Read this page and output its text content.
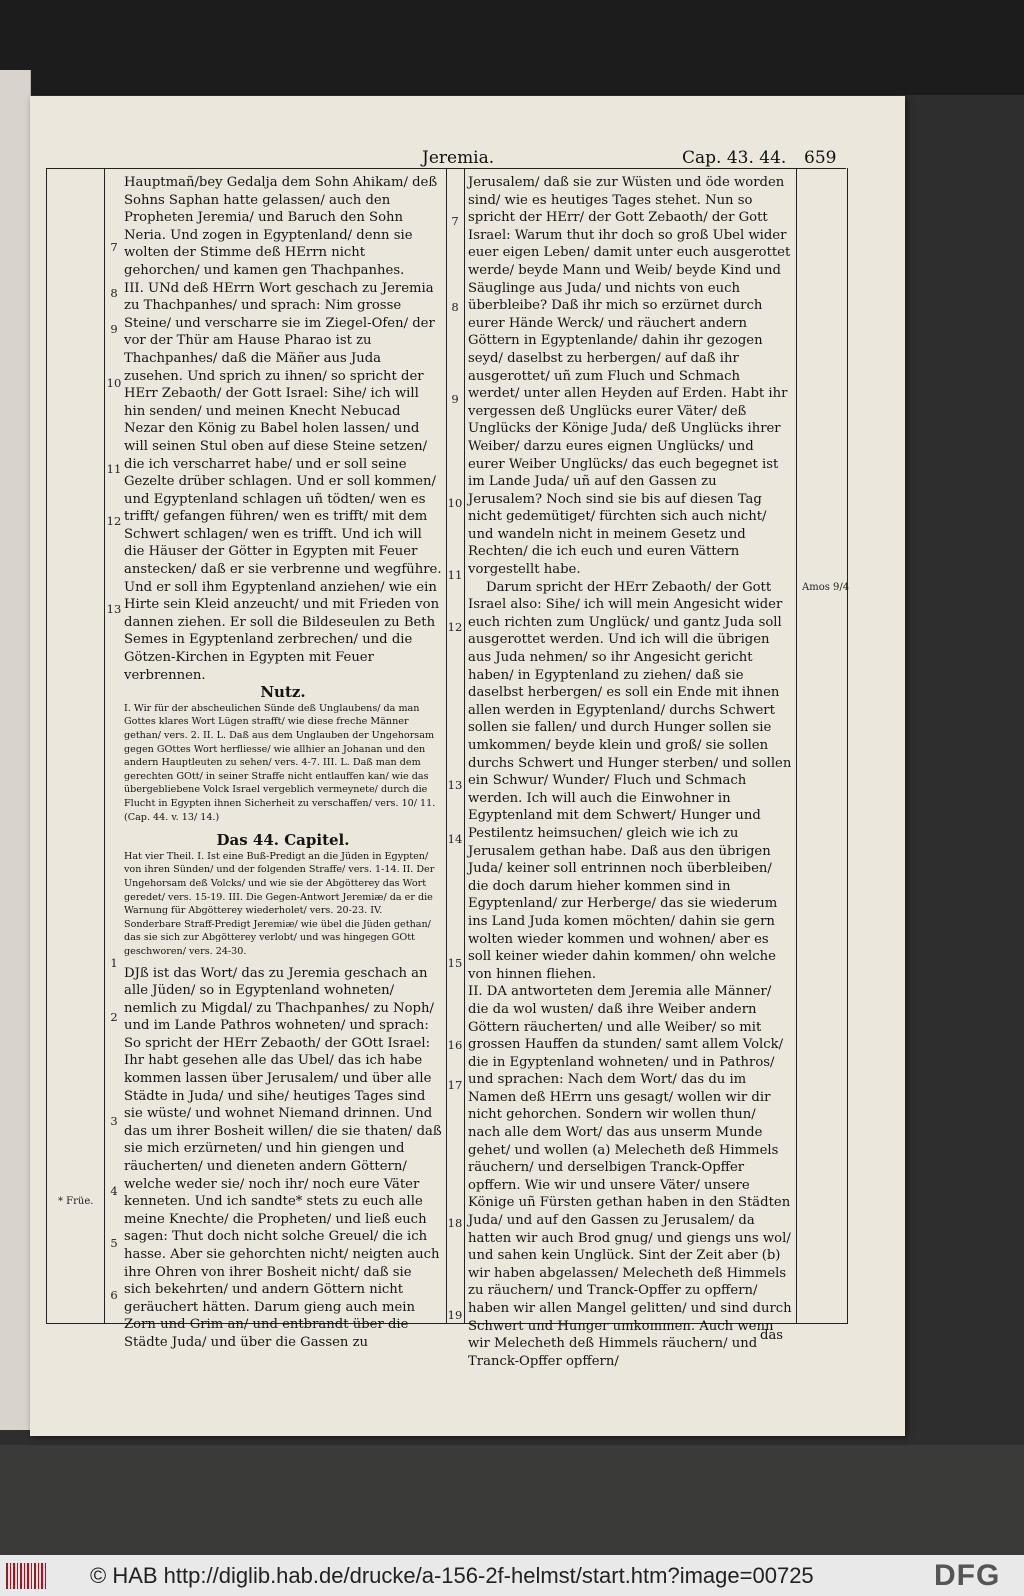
Jeremia.	Cap. 43. 44. 659

Hauptmañ/bey Gedalja dem Sohn Ahikam/ deß Sohns Saphan hatte gelassen/ auch den Propheten Jeremia/ und Baruch den Sohn Neria. Und zogen in Egyptenland/ denn sie wolten der Stimme deß HErrn nicht gehorchen/ und kamen gen Thachpanhes.

III. UNd deß HErrn Wort geschach zu Jeremia zu Thachpanhes/ und sprach: Nim grosse Steine/ und verscharre sie im Ziegel-Ofen/ der vor der Thür am Hause Pharao ist zu Thachpanhes/ daß die Mäñer aus Juda zusehen. Und sprich zu ihnen/ so spricht der HErr Zebaoth/ der Gott Israel: Sihe/ ich will hin senden/ und meinen Knecht Nebucad Nezar den König zu Babel holen lassen/ und will seinen Stul oben auf diese Steine setzen/ die ich verscharret habe/ und er soll seine Gezelte drüber schlagen. Und er soll kommen/ und Egyptenland schlagen uñ tödten/ wen es trifft/ gefangen führen/ wen es trifft/ mit dem Schwert schlagen/ wen es trifft. Und ich will die Häuser der Götter in Egypten mit Feuer anstecken/ daß er sie verbrenne und wegführe. Und er soll ihm Egyptenland anziehen/ wie ein Hirte sein Kleid anzeucht/ und mit Frieden von dannen ziehen. Er soll die Bildeseulen zu Beth Semes in Egyptenland zerbrechen/ und die Götzen-Kirchen in Egypten mit Feuer verbrennen.

Nutz.

I. Wir für der abscheulichen Sünde deß Unglaubens/ da man Gottes klares Wort Lügen strafft/ wie diese freche Männer gethan/ vers. 2. II. L. Daß aus dem Unglauben der Ungehorsam gegen GOttes Wort herfliesse/ wie allhier an Johanan und den andern Hauptleuten zu sehen/ vers. 4-7. III. L. Daß man dem gerechten GOtt/ in seiner Straffe nicht entlauffen kan/ wie das übergebliebene Volck Israel vergeblich vermeynete/ durch die Flucht in Egypten ihnen Sicherheit zu verschaffen/ vers. 10/ 11. (Cap. 44. v. 13/ 14.)

Das 44. Capitel.

Hat vier Theil. I. Ist eine Buß-Predigt an die Jüden in Egypten/ von ihren Sünden/ und der folgenden Straffe/ vers. 1-14. II. Der Ungehorsam deß Volcks/ und wie sie der Abgötterey das Wort geredet/ vers. 15-19. III. Die Gegen-Antwort Jeremiæ/ da er die Warnung für Abgötterey wiederholet/ vers. 20-23. IV. Sonderbare Straff-Predigt Jeremiæ/ wie übel die Jüden gethan/ das sie sich zur Abgötterey verlobt/ und was hingegen GOtt geschworen/ vers. 24-30.

DJß ist das Wort/ das zu Jeremia geschach an alle Jüden/ so in Egyptenland wohneten/ nemlich zu Migdal/ zu Thachpanhes/ zu Noph/ und im Lande Pathros wohneten/ und sprach: So spricht der HErr Zebaoth/ der GOtt Israel: Ihr habt gesehen alle das Ubel/ das ich habe kommen lassen über Jerusalem/ und über alle Städte in Juda/ und sihe/ heutiges Tages sind sie wüste/ und wohnet Niemand drinnen. Und das um ihrer Bosheit willen/ die sie thaten/ daß sie mich erzürneten/ und hin giengen und räucherten/ und dieneten andern Göttern/ welche weder sie/ noch ihr/ noch eure Väter kenneten. Und ich sandte* stets zu euch alle meine Knechte/ die Propheten/ und ließ euch sagen: Thut doch nicht solche Greuel/ die ich hasse. Aber sie gehorchten nicht/ neigten auch ihre Ohren von ihrer Bosheit nicht/ daß sie sich bekehrten/ und andern Göttern nicht geräuchert hätten. Darum gieng auch mein Zorn und Grim an/ und entbrandt über die Städte Juda/ und über die Gassen zu

Jerusalem/ daß sie zur Wüsten und öde worden sind/ wie es heutiges Tages stehet. Nun so spricht der HErr/ der Gott Zebaoth/ der Gott Israel: Warum thut ihr doch so groß Ubel wider euer eigen Leben/ damit unter euch ausgerottet werde/ beyde Mann und Weib/ beyde Kind und Säuglinge aus Juda/ und nichts von euch überbleibe? Daß ihr mich so erzürnet durch eurer Hände Werck/ und räuchert andern Göttern in Egyptenlande/ dahin ihr gezogen seyd/ daselbst zu herbergen/ auf daß ihr ausgerottet/ uñ zum Fluch und Schmach werdet/ unter allen Heyden auf Erden. Habt ihr vergessen deß Unglücks eurer Väter/ deß Unglücks der Könige Juda/ deß Unglücks ihrer Weiber/ darzu eures eignen Unglücks/ und eurer Weiber Unglücks/ das euch begegnet ist im Lande Juda/ uñ auf den Gassen zu Jerusalem? Noch sind sie bis auf diesen Tag nicht gedemütiget/ fürchten sich auch nicht/ und wandeln nicht in meinem Gesetz und Rechten/ die ich euch und euren Vättern vorgestellt habe.

Darum spricht der HErr Zebaoth/ der Gott Israel also: Sihe/ ich will mein Angesicht wider euch richten zum Unglück/ und gantz Juda soll ausgerottet werden. Und ich will die übrigen aus Juda nehmen/ so ihr Angesicht gericht haben/ in Egyptenland zu ziehen/ daß sie daselbst herbergen/ es soll ein Ende mit ihnen allen werden in Egyptenland/ durchs Schwert sollen sie fallen/ und durch Hunger sollen sie umkommen/ beyde klein und groß/ sie sollen durchs Schwert und Hunger sterben/ und sollen ein Schwur/ Wunder/ Fluch und Schmach werden. Ich will auch die Einwohner in Egyptenland mit dem Schwert/ Hunger und Pestilentz heimsuchen/ gleich wie ich zu Jerusalem gethan habe. Daß aus den übrigen Juda/ keiner soll entrinnen noch überbleiben/ die doch darum hieher kommen sind in Egyptenland/ zur Herberge/ das sie wiederum ins Land Juda komen möchten/ dahin sie gern wolten wieder kommen und wohnen/ aber es soll keiner wieder dahin kommen/ ohn welche von hinnen fliehen.

II. DA antworteten dem Jeremia alle Männer/ die da wol wusten/ daß ihre Weiber andern Göttern räucherten/ und alle Weiber/ so mit grossen Hauffen da stunden/ samt allem Volck/ die in Egyptenland wohneten/ und in Pathros/ und sprachen: Nach dem Wort/ das du im Namen deß HErrn uns gesagt/ wollen wir dir nicht gehorchen. Sondern wir wollen thun/ nach alle dem Wort/ das aus unserm Munde gehet/ und wollen (a) Melecheth deß Himmels räuchern/ und derselbigen Tranck-Opffer opffern. Wie wir und unsere Väter/ unsere Könige uñ Fürsten gethan haben in den Städten Juda/ und auf den Gassen zu Jerusalem/ da hatten wir auch Brod gnug/ und giengs uns wol/ und sahen kein Unglück. Sint der Zeit aber (b) wir haben abgelassen/ Melecheth deß Himmels zu räuchern/ und Tranck-Opffer zu opffern/ haben wir allen Mangel gelitten/ und sind durch Schwert und Hunger umkommen. Auch wenn wir Melecheth deß Himmels räuchern/ und Tranck-Opffer opffern/

das
7
8
9
10
11
12
13
1
2
3
4
5
6
7
8
9
10
11
12
13
14
15
16
17
18
19
* Früe.
Amos 9/4
© HAB http://diglib.hab.de/drucke/a-156-2f-helmst/start.htm?image=00725	DFG
